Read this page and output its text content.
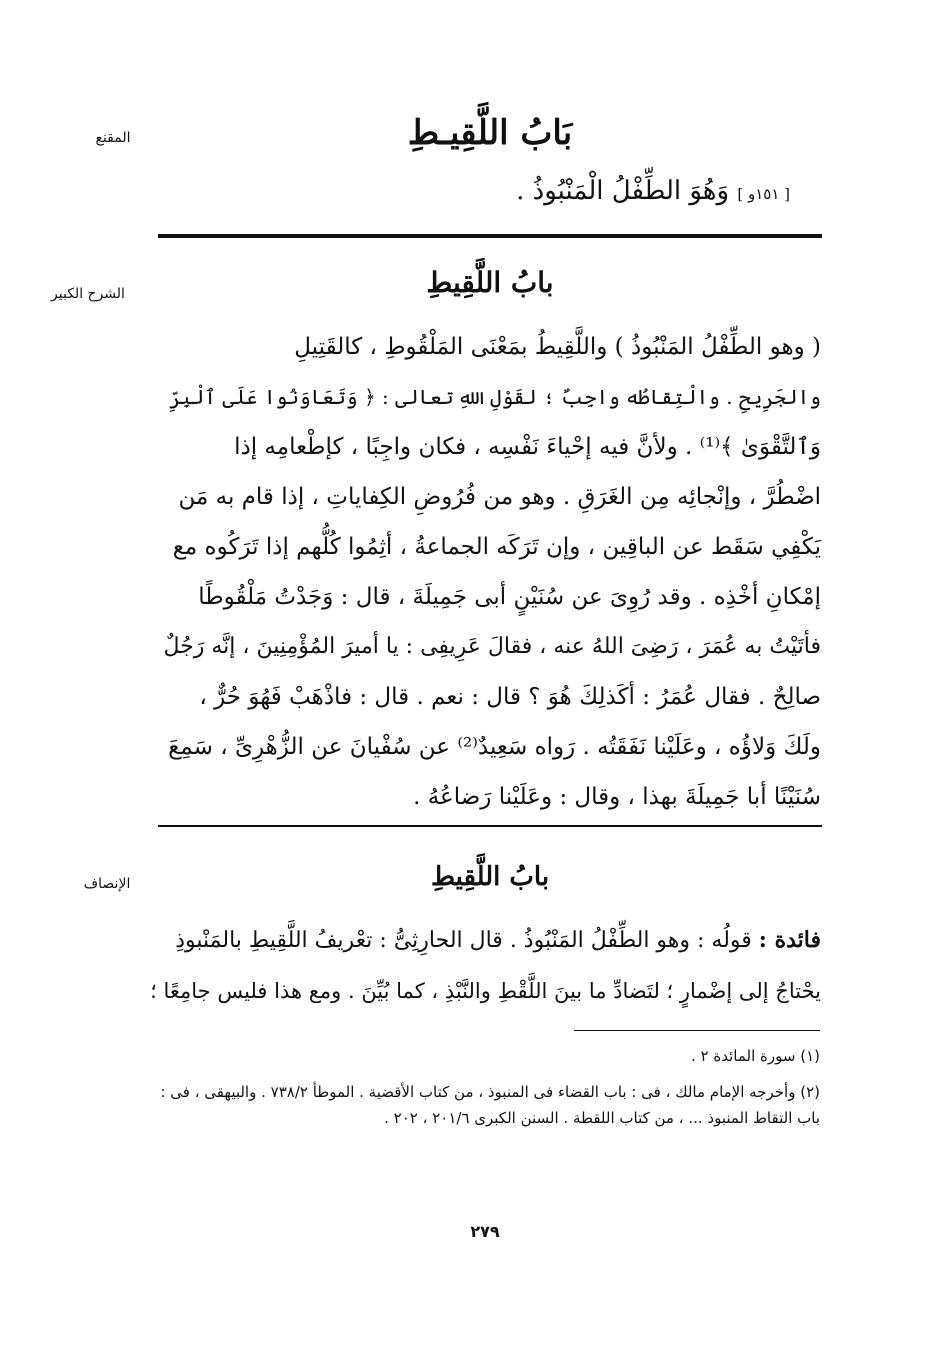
المقنع	بَابُ اللَّقِيـطِ
[ ١٥١و ] وَهُوَ الطِّفْلُ الْمَنْبُوذُ .
الشرح الكبير	بابُ اللَّقِيطِ
( وهو الطِّفْلُ المَنْبُوذُ ) واللَّقِيطُ بمَعْنَى المَلْقُوطِ ، كالقَتِيلِ
والجَرِيحِ . والْتِقاطُه واجِبٌ ؛ لقَوْلِ اللهِ تعالى : ﴿ وَتَعَاوَنُوا عَلَى ٱلْبِرِّ
وَٱلتَّقْوَىٰ ﴾⁽¹⁾ . ولأنَّ فيه إحْياءَ نَفْسِه ، فكان واجِبًا ، كإطْعامِه إذا
اضْطُرَّ ، وإنْجائِه مِن الغَرَقِ . وهو من فُرُوضِ الكِفاياتِ ، إذا قام به مَن
يَكْفِي سَقَط عن الباقِين ، وإن تَرَكَه الجماعةُ ، أثِمُوا كُلُّهم إذا تَرَكُوه مع
إمْكانِ أخْذِه . وقد رُوِىَ عن سُنَيْنٍ أبى جَمِيلَةَ ، قال : وَجَدْتُ مَلْقُوطًا
فأتَيْتُ به عُمَرَ ، رَضِىَ اللهُ عنه ، فقالَ عَرِيفِى : يا أميرَ المُؤْمِنِينَ ، إنَّه رَجُلٌ
صالِحٌ . فقال عُمَرُ : أكَذلِكَ هُوَ ؟ قال : نعم . قال : فاذْهَبْ فَهُوَ حُرٌّ ،
ولَكَ وَلاؤُه ، وعَلَيْنا نَفَقَتُه . رَواه سَعِيدٌ⁽²⁾ عن سُفْيانَ عن الزُّهْرِىِّ ، سَمِعَ
سُنَيْنًا أبا جَمِيلَةَ بهذا ، وقال : وعَلَيْنا رَضاعُهُ .
الإنصاف	بابُ اللَّقِيطِ
فائدة : قولُه : وهو الطِّفْلُ المَنْبُوذُ . قال الحارِثِىُّ : تعْريفُ اللَّقِيطِ بالمَنْبوذِ
يحْتاجُ إلى إضْمارٍ ؛ لتَضادِّ ما بينَ اللَّقْطِ والنَّبْذِ ، كما بُيِّنَ . ومع هذا فليس جامِعًا ؛
(١) سورة المائدة ٢ .
(٢) وأخرجه الإمام مالك ، فى : باب القضاء فى المنبوذ ، من كتاب الأقضية . الموطأ ٧٣٨/٢ . والبيهقى ، فى :
باب التقاط المنبوذ ... ، من كتاب اللقطة . السنن الكبرى ٢٠١/٦ ، ٢٠٢ .
٢٧٩
